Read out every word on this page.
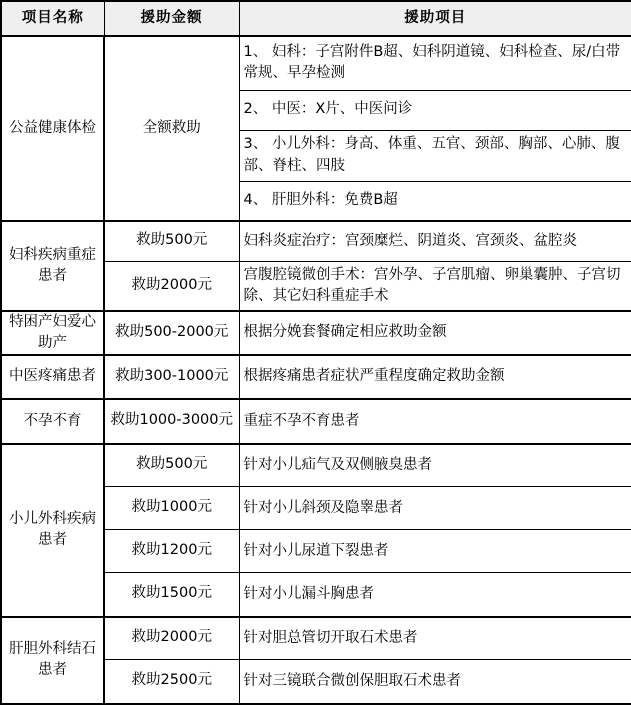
项目名称	援助金额	援助项目

公益健康体检	全额救助	1、 妇科：子宫附件B超、妇科阴道镜、妇科检查、尿/白带常规、早孕检测

		2、 中医：X片、中医问诊

		3、 小儿外科：身高、体重、五官、颈部、胸部、心肺、腹部、脊柱、四肢

		4、 肝胆外科：免费B超

妇科疾病重症患者	救助500元	妇科炎症治疗：宫颈糜烂、阴道炎、宫颈炎、盆腔炎

	救助2000元	宫腹腔镜微创手术：宫外孕、子宫肌瘤、卵巢囊肿、子宫切除、其它妇科重症手术

特困产妇爱心助产	救助500-2000元	根据分娩套餐确定相应救助金额

中医疼痛患者	救助300-1000元	根据疼痛患者症状严重程度确定救助金额

不孕不育	救助1000-3000元	重症不孕不育患者

小儿外科疾病患者	救助500元	针对小儿疝气及双侧腋臭患者

	救助1000元	针对小儿斜颈及隐睾患者

	救助1200元	针对小儿尿道下裂患者

	救助1500元	针对小儿漏斗胸患者

肝胆外科结石患者	救助2000元	针对胆总管切开取石术患者

	救助2500元	针对三镜联合微创保胆取石术患者
